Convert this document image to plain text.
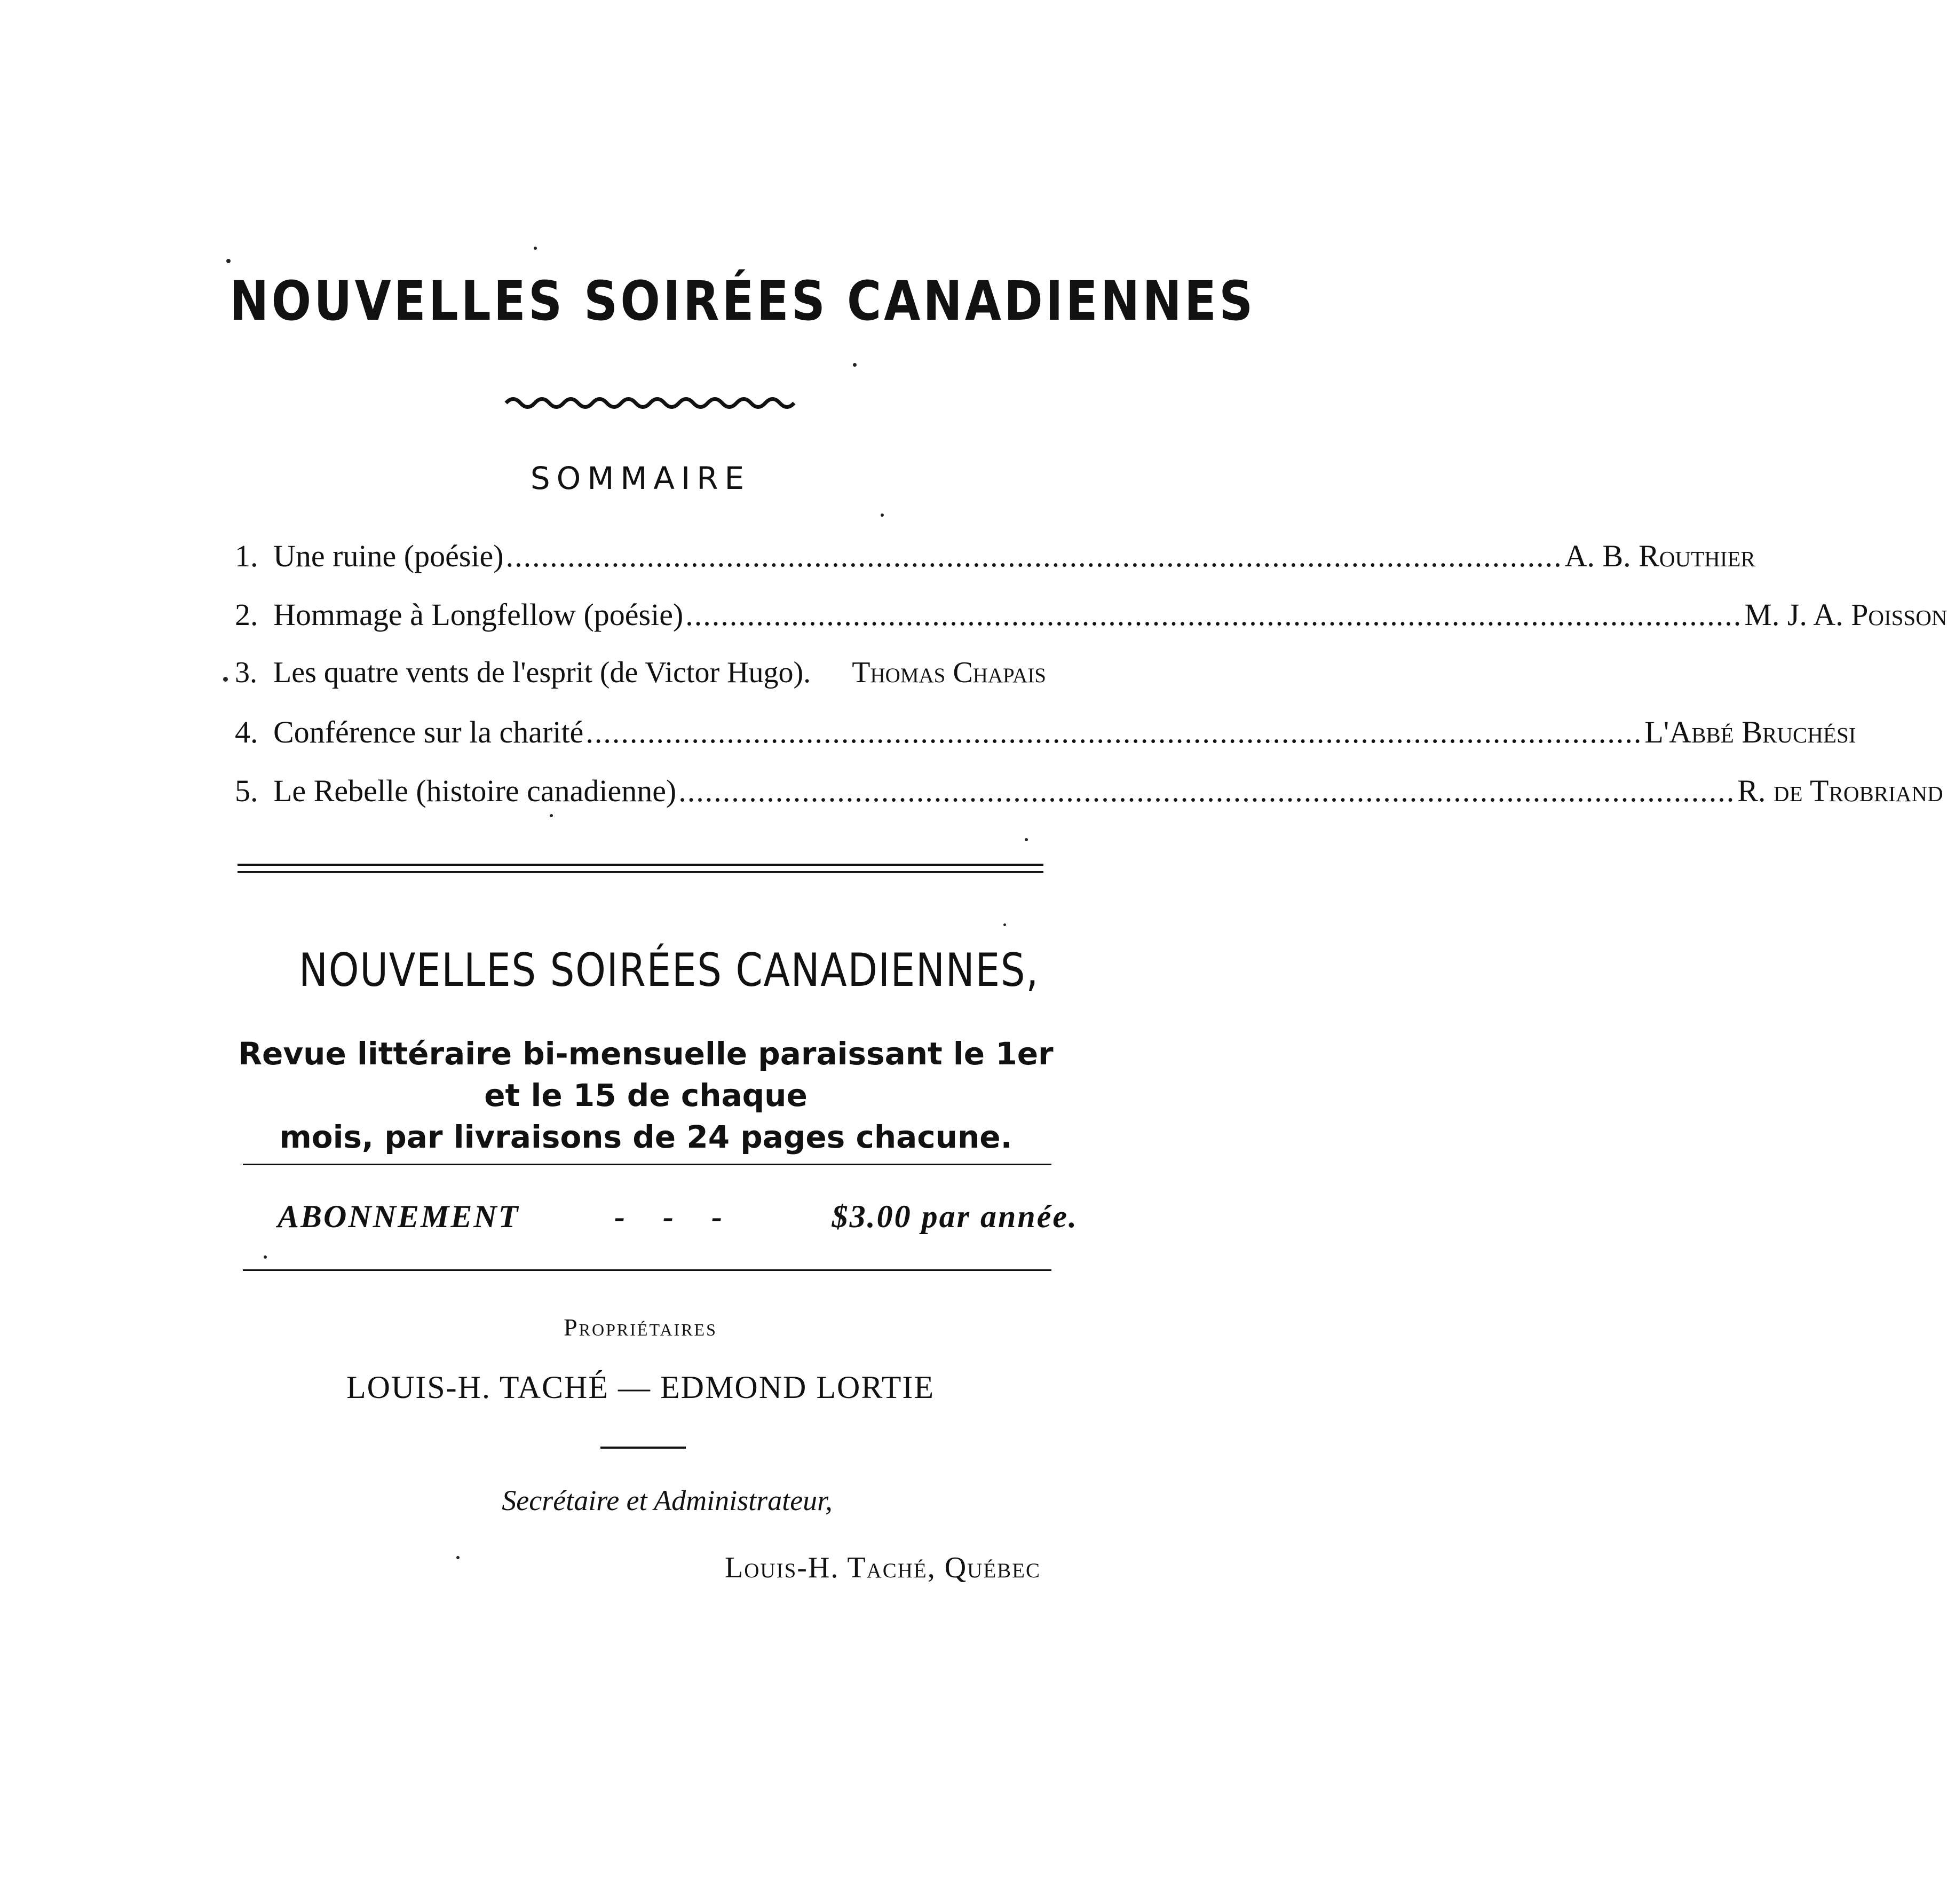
NOUVELLES SOIRÉES CANADIENNES
SOMMAIRE
1. Une ruine (poésie) ........................................................................................................................ A. B. Routhier
2. Hommage à Longfellow (poésie) ........................................................................................................................ M. J. A. Poisson
3. Les quatre vents de l'esprit (de Victor Hugo). Thomas Chapais
4. Conférence sur la charité ........................................................................................................................ L'Abbé Bruchési
5. Le Rebelle (histoire canadienne) ........................................................................................................................ R. de Trobriand
NOUVELLES SOIRÉES CANADIENNES,
Revue littéraire bi-mensuelle paraissant le 1er et le 15 de chaque
mois, par livraisons de 24 pages chacune.
ABONNEMENT	- - -	$3.00 par année.
Propriétaires
LOUIS-H. TACHÉ — EDMOND LORTIE
Secrétaire et Administrateur,
Louis-H. Taché, Québec
